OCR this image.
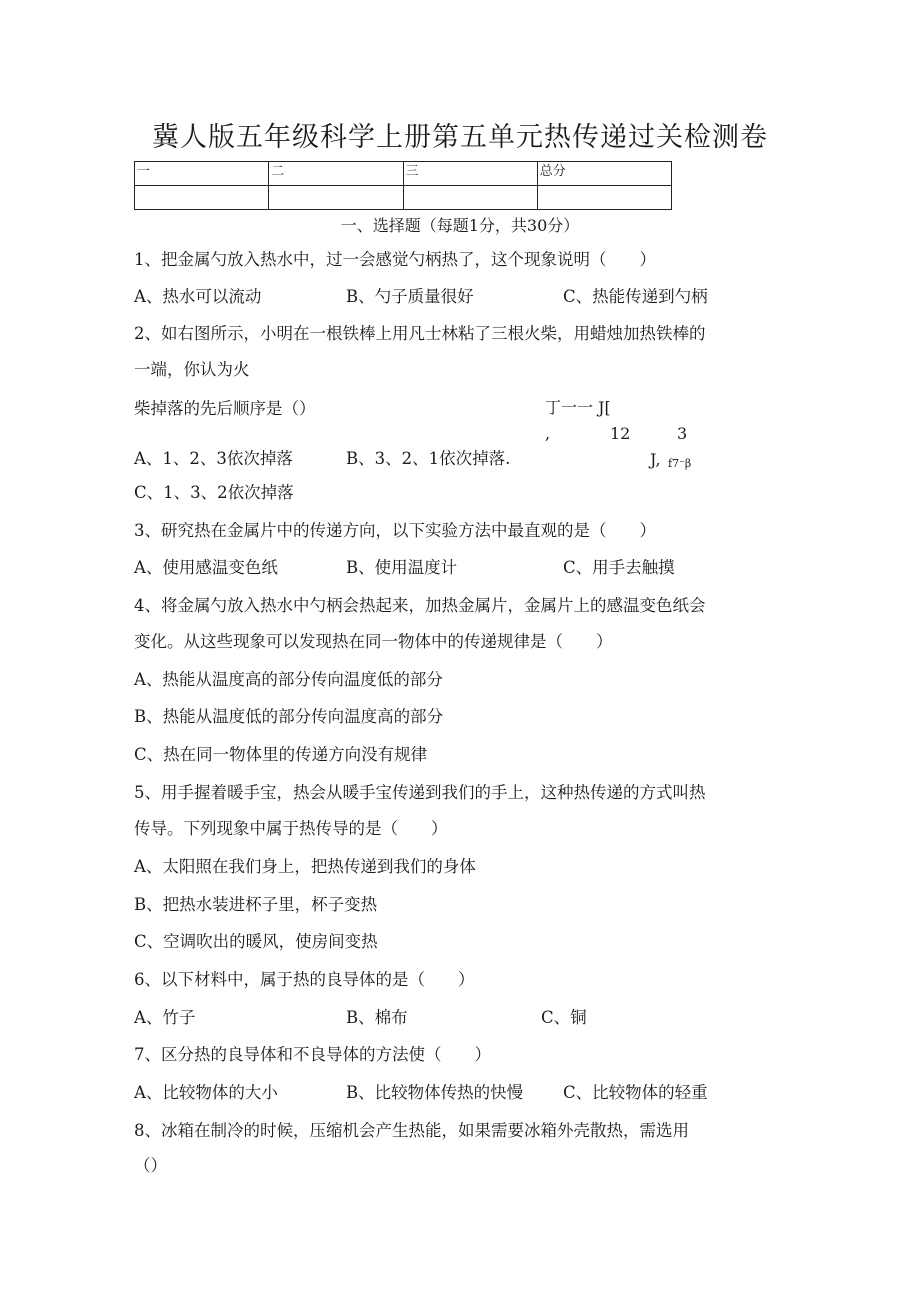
冀人版五年级科学上册第五单元热传递过关检测卷
一	二	三	总分

一、选择题（每题1分，共30分）
1、把金属勺放入热水中，过一会感觉勺柄热了，这个现象说明（　　）
A、热水可以流动	B、勺子质量很好	C、热能传递到勺柄
2、如右图所示，小明在一根铁棒上用凡士林粘了三根火柴，用蜡烛加热铁棒的
一端，你认为火
柴掉落的先后顺序是（）	丁一一 J[
,	12	3
A、1、2、3依次掉落	B、3、2、1依次掉落.	J, f7⁻β
C、1、3、2依次掉落
3、研究热在金属片中的传递方向，以下实验方法中最直观的是（　　）
A、使用感温变色纸	B、使用温度计	C、用手去触摸
4、将金属勺放入热水中勺柄会热起来，加热金属片，金属片上的感温变色纸会
变化。从这些现象可以发现热在同一物体中的传递规律是（　　）
A、热能从温度高的部分传向温度低的部分
B、热能从温度低的部分传向温度高的部分
C、热在同一物体里的传递方向没有规律
5、用手握着暖手宝，热会从暖手宝传递到我们的手上，这种热传递的方式叫热
传导。下列现象中属于热传导的是（　　）
A、太阳照在我们身上，把热传递到我们的身体
B、把热水装进杯子里，杯子变热
C、空调吹出的暖风，使房间变热
6、以下材料中，属于热的良导体的是（　　）
A、竹子	B、棉布	C、铜
7、区分热的良导体和不良导体的方法使（　　）
A、比较物体的大小	B、比较物体传热的快慢 C、比较物体的轻重
8、冰箱在制冷的时候，压缩机会产生热能，如果需要冰箱外壳散热，需选用
（）
